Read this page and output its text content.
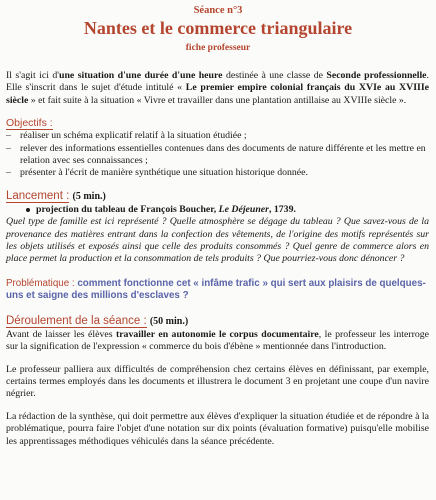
Séance n°3
Nantes et le commerce triangulaire
fiche professeur

Il s'agit ici d'une situation d'une durée d'une heure destinée à une classe de Seconde professionnelle. Elle s'inscrit dans le sujet d'étude intitulé « Le premier empire colonial français du XVIe au XVIIIe siècle » et fait suite à la situation « Vivre et travailler dans une plantation antillaise au XVIIIe siècle ».

Objectifs :
– réaliser un schéma explicatif relatif à la situation étudiée ;
– relever des informations essentielles contenues dans des documents de nature différente et les mettre en relation avec ses connaissances ;
– présenter à l'écrit de manière synthétique une situation historique donnée.
Lancement : (5 min.)
projection du tableau de François Boucher, Le Déjeuner, 1739.

Quel type de famille est ici représenté ? Quelle atmosphère se dégage du tableau ? Que savez-vous de la provenance des matières entrant dans la confection des vêtements, de l'origine des motifs représentés sur les objets utilisés et exposés ainsi que celle des produits consommés ? Quel genre de commerce alors en place permet la production et la consommation de tels produits ? Que pourriez-vous donc dénoncer ?

Problématique : comment fonctionne cet « infâme trafic » qui sert aux plaisirs de quelques-uns et saigne des millions d'esclaves ?

Déroulement de la séance : (50 min.)

Avant de laisser les élèves travailler en autonomie le corpus documentaire, le professeur les interroge sur la signification de l'expression « commerce du bois d'ébène » mentionnée dans l'introduction.

Le professeur palliera aux difficultés de compréhension chez certains élèves en définissant, par exemple, certains termes employés dans les documents et illustrera le document 3 en projetant une coupe d'un navire négrier.

La rédaction de la synthèse, qui doit permettre aux élèves d'expliquer la situation étudiée et de répondre à la problématique, pourra faire l'objet d'une notation sur dix points (évaluation formative) puisqu'elle mobilise les apprentissages méthodiques véhiculés dans la séance précédente.
